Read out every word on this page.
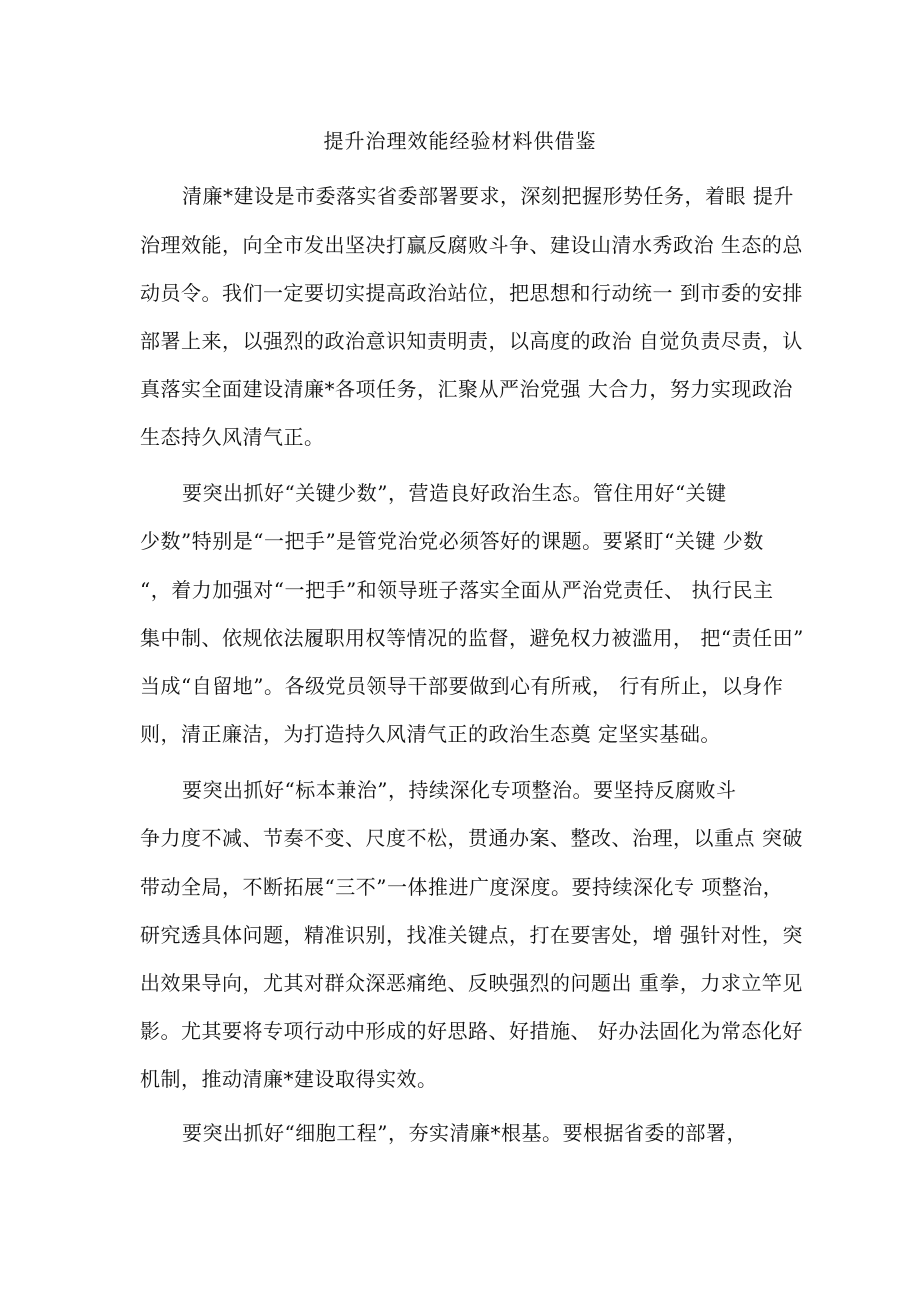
提升治理效能经验材料供借鉴
清廉*建设是市委落实省委部署要求，深刻把握形势任务，着眼 提升
治理效能，向全市发出坚决打赢反腐败斗争、建设山清水秀政治 生态的总
动员令。我们一定要切实提高政治站位，把思想和行动统一 到市委的安排
部署上来，以强烈的政治意识知责明责，以高度的政治 自觉负责尽责，认
真落实全面建设清廉*各项任务，汇聚从严治党强 大合力，努力实现政治
生态持久风清气正。
要突出抓好“关键少数”，营造良好政治生态。管住用好“关键
少数”特别是“一把手”是管党治党必须答好的课题。要紧盯“关键 少数
“，着力加强对“一把手”和领导班子落实全面从严治党责任、 执行民主
集中制、依规依法履职用权等情况的监督，避免权力被滥用， 把“责任田”
当成“自留地”。各级党员领导干部要做到心有所戒， 行有所止，以身作
则，清正廉洁，为打造持久风清气正的政治生态奠 定坚实基础。
要突出抓好“标本兼治”，持续深化专项整治。要坚持反腐败斗
争力度不减、节奏不变、尺度不松，贯通办案、整改、治理，以重点 突破
带动全局，不断拓展“三不”一体推进广度深度。要持续深化专 项整治，
研究透具体问题，精准识别，找准关键点，打在要害处，增 强针对性，突
出效果导向，尤其对群众深恶痛绝、反映强烈的问题出 重拳，力求立竿见
影。尤其要将专项行动中形成的好思路、好措施、 好办法固化为常态化好
机制，推动清廉*建设取得实效。
要突出抓好“细胞工程”，夯实清廉*根基。要根据省委的部署，
